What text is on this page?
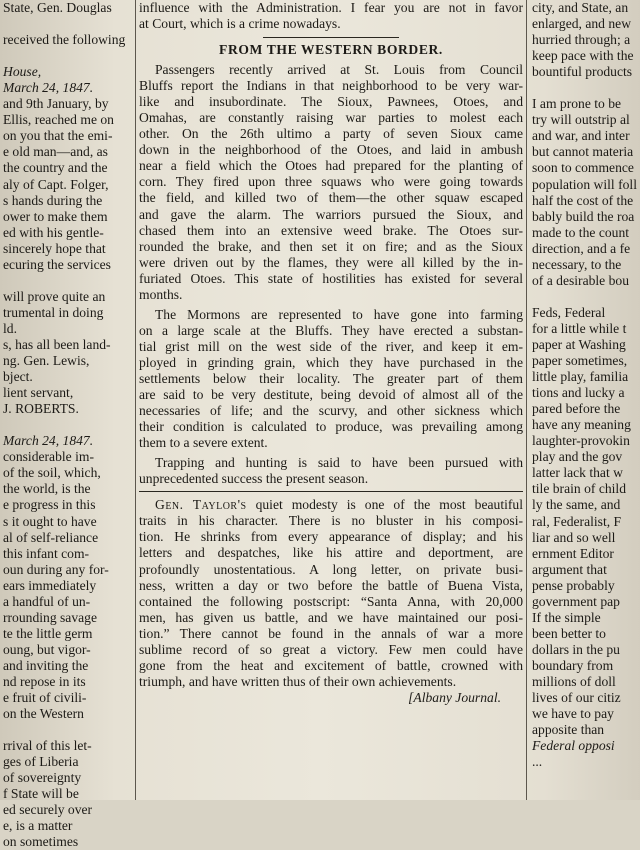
State, Gen. Douglas
received the following
House,
March 24, 1847.
and 9th January, by
Ellis, reached me on
on you that the emi-
e old man—and, as
the country and the
aly of Capt. Folger,
s hands during the
ower to make them
ed with his gentle-
sincerely hope that
ecuring the services
will prove quite an
trumental in doing
ld.
s, has all been land-
ng. Gen. Lewis,
bject.
lient servant,
J. ROBERTS.
March 24, 1847.
considerable im-
of the soil, which,
the world, is the
e progress in this
s it ought to have
al of self-reliance
this infant com-
oun during any for-
ears immediately
a handful of un-
rrounding savage
te the little germ
oung, but vigor-
and inviting the
nd repose in its
e fruit of civili-
on the Western
rrival of this let-
ges of Liberia
of sovereignty
f State will be
ed securely over
e, is a matter
on sometimes
influence with the Administration. I fear you are not in favor
at Court, which is a crime nowadays.
FROM THE WESTERN BORDER.
Passengers recently arrived at St. Louis from Council
Bluffs report the Indians in that neighborhood to be very war-
like and insubordinate. The Sioux, Pawnees, Otoes, and
Omahas, are constantly raising war parties to molest each
other. On the 26th ultimo a party of seven Sioux came
down in the neighborhood of the Otoes, and laid in ambush
near a field which the Otoes had prepared for the planting of
corn. They fired upon three squaws who were going towards
the field, and killed two of them—the other squaw escaped
and gave the alarm. The warriors pursued the Sioux, and
chased them into an extensive weed brake. The Otoes sur-
rounded the brake, and then set it on fire; and as the Sioux
were driven out by the flames, they were all killed by the in-
furiated Otoes. This state of hostilities has existed for several
months.
The Mormons are represented to have gone into farming
on a large scale at the Bluffs. They have erected a substan-
tial grist mill on the west side of the river, and keep it em-
ployed in grinding grain, which they have purchased in the
settlements below their locality. The greater part of them
are said to be very destitute, being devoid of almost all of the
necessaries of life; and the scurvy, and other sickness which
their condition is calculated to produce, was prevailing among
them to a severe extent.
Trapping and hunting is said to have been pursued with
unprecedented success the present season.
Gen. Taylor's quiet modesty is one of the most beautiful
traits in his character. There is no bluster in his composi-
tion. He shrinks from every appearance of display; and his
letters and despatches, like his attire and deportment, are
profoundly unostentatious. A long letter, on private busi-
ness, written a day or two before the battle of Buena Vista,
contained the following postscript: “Santa Anna, with 20,000
men, has given us battle, and we have maintained our posi-
tion.” There cannot be found in the annals of war a more
sublime record of so great a victory. Few men could have
gone from the heat and excitement of battle, crowned with
triumph, and have written thus of their own achievements.
[Albany Journal.
city, and State, an
enlarged, and new
hurried through; a
keep pace with the
bountiful products
I am prone to be
try will outstrip al
and war, and inter
but cannot materia
soon to commence
population will foll
half the cost of the
bably build the roa
made to the count
direction, and a fe
necessary, to the
of a desirable bou
Feds, Federal
for a little while t
paper at Washing
paper sometimes,
little play, familia
tions and lucky a
pared before the
have any meaning
laughter-provokin
play and the gov
latter lack that w
tile brain of child
ly the same, and
ral, Federalist, F
liar and so well
ernment Editor
argument that
pense probably
government pap
If the simple
been better to
dollars in the pu
boundary from
millions of doll
lives of our citiz
we have to pay
apposite than
Federal opposi
...
